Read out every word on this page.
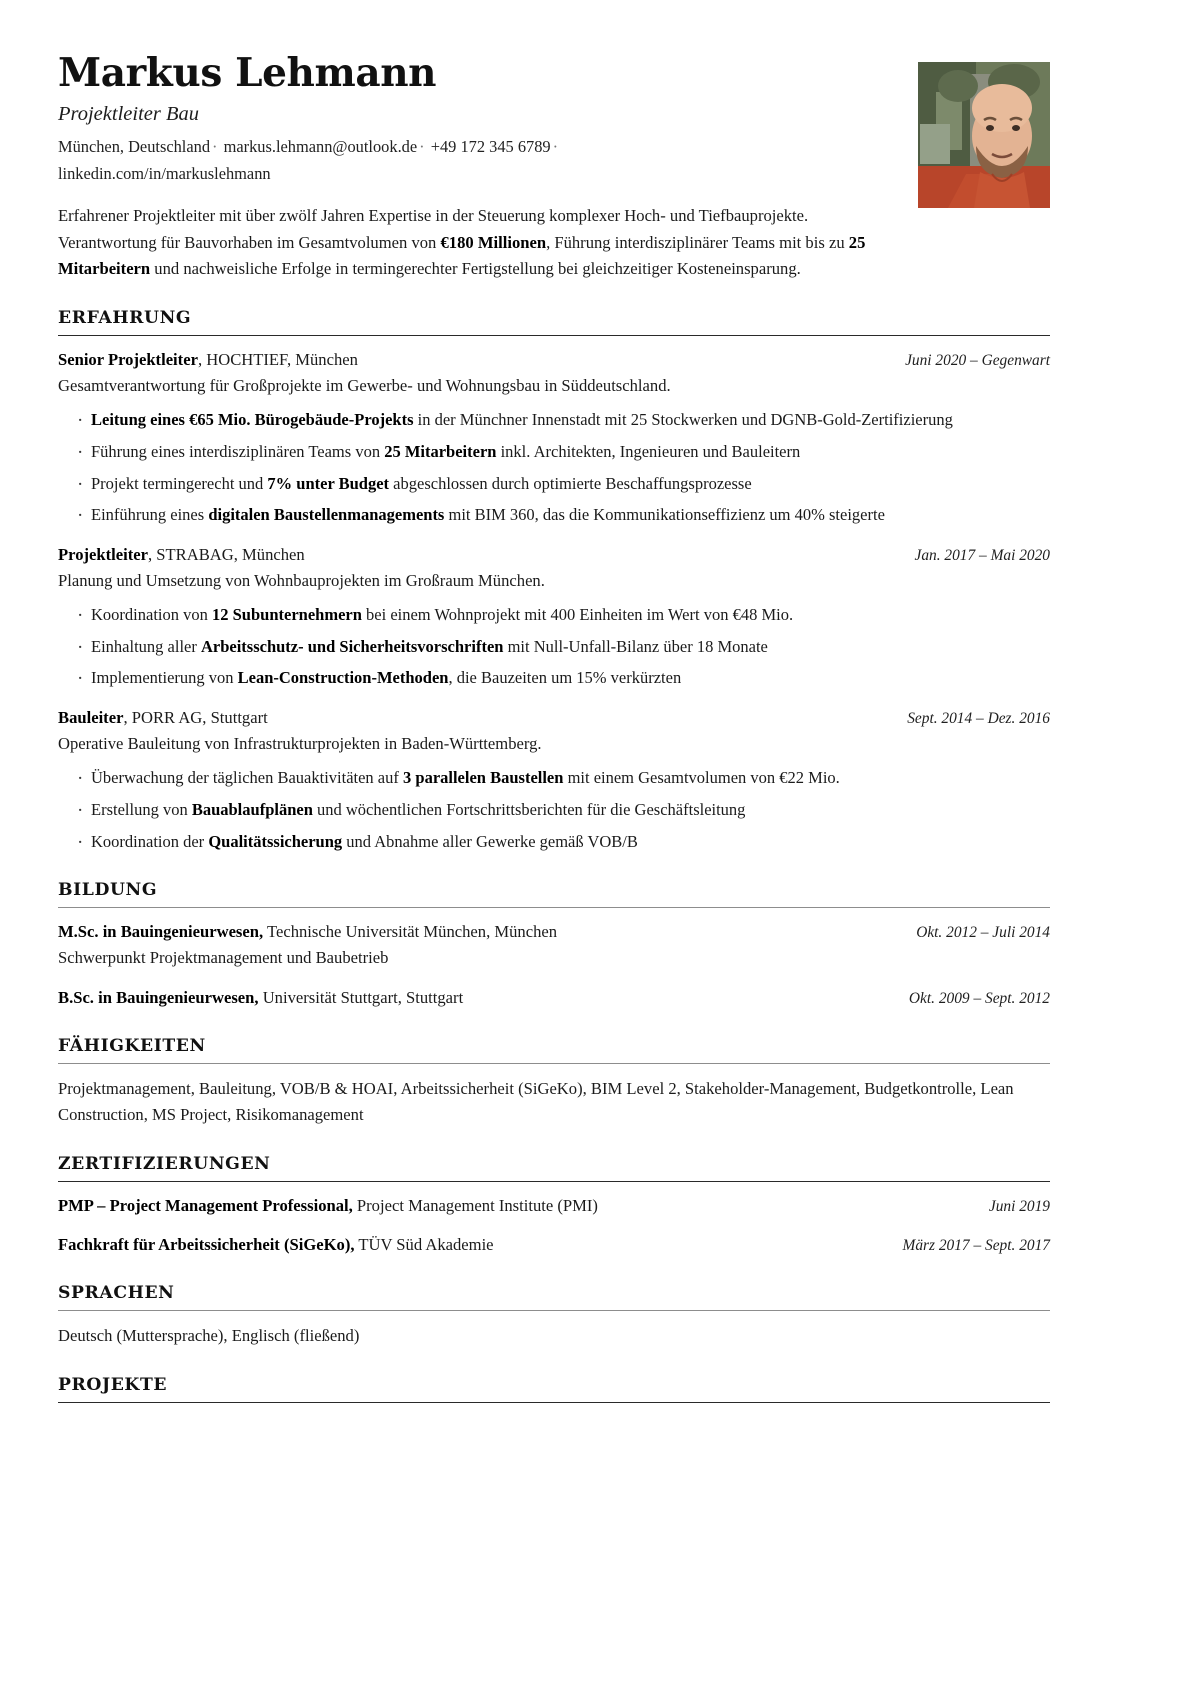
Markus Lehmann
Projektleiter Bau
München, Deutschland · markus.lehmann@outlook.de · +49 172 345 6789 · linkedin.com/in/markuslehmann

Erfahrener Projektleiter mit über zwölf Jahren Expertise in der Steuerung komplexer Hoch- und Tiefbauprojekte. Verantwortung für Bauvorhaben im Gesamtvolumen von €180 Millionen, Führung interdisziplinärer Teams mit bis zu 25 Mitarbeitern und nachweisliche Erfolge in termingerechter Fertigstellung bei gleichzeitiger Kosteneinsparung.

ERFAHRUNG
Senior Projektleiter, HOCHTIEF, München	Juni 2020 – Gegenwart
Gesamtverantwortung für Großprojekte im Gewerbe- und Wohnungsbau in Süddeutschland.
· Leitung eines €65 Mio. Bürogebäude-Projekts in der Münchner Innenstadt mit 25 Stockwerken und DGNB-Gold-Zertifizierung
· Führung eines interdisziplinären Teams von 25 Mitarbeitern inkl. Architekten, Ingenieuren und Bauleitern
· Projekt termingerecht und 7% unter Budget abgeschlossen durch optimierte Beschaffungsprozesse
· Einführung eines digitalen Baustellenmanagements mit BIM 360, das die Kommunikationseffizienz um 40% steigerte
Projektleiter, STRABAG, München	Jan. 2017 – Mai 2020
Planung und Umsetzung von Wohnbauprojekten im Großraum München.
· Koordination von 12 Subunternehmern bei einem Wohnprojekt mit 400 Einheiten im Wert von €48 Mio.
· Einhaltung aller Arbeitsschutz- und Sicherheitsvorschriften mit Null-Unfall-Bilanz über 18 Monate
· Implementierung von Lean-Construction-Methoden, die Bauzeiten um 15% verkürzten
Bauleiter, PORR AG, Stuttgart	Sept. 2014 – Dez. 2016
Operative Bauleitung von Infrastrukturprojekten in Baden-Württemberg.
· Überwachung der täglichen Bauaktivitäten auf 3 parallelen Baustellen mit einem Gesamtvolumen von €22 Mio.
· Erstellung von Bauablaufplänen und wöchentlichen Fortschrittsberichten für die Geschäftsleitung
· Koordination der Qualitätssicherung und Abnahme aller Gewerke gemäß VOB/B
BILDUNG
M.Sc. in Bauingenieurwesen, Technische Universität München, München	Okt. 2012 – Juli 2014
Schwerpunkt Projektmanagement und Baubetrieb
B.Sc. in Bauingenieurwesen, Universität Stuttgart, Stuttgart	Okt. 2009 – Sept. 2012
FÄHIGKEITEN
Projektmanagement, Bauleitung, VOB/B & HOAI, Arbeitssicherheit (SiGeKo), BIM Level 2, Stakeholder-Management, Budgetkontrolle, Lean Construction, MS Project, Risikomanagement
ZERTIFIZIERUNGEN
PMP – Project Management Professional, Project Management Institute (PMI)	Juni 2019
Fachkraft für Arbeitssicherheit (SiGeKo), TÜV Süd Akademie	März 2017 – Sept. 2017
SPRACHEN
Deutsch (Muttersprache), Englisch (fließend)
PROJEKTE
